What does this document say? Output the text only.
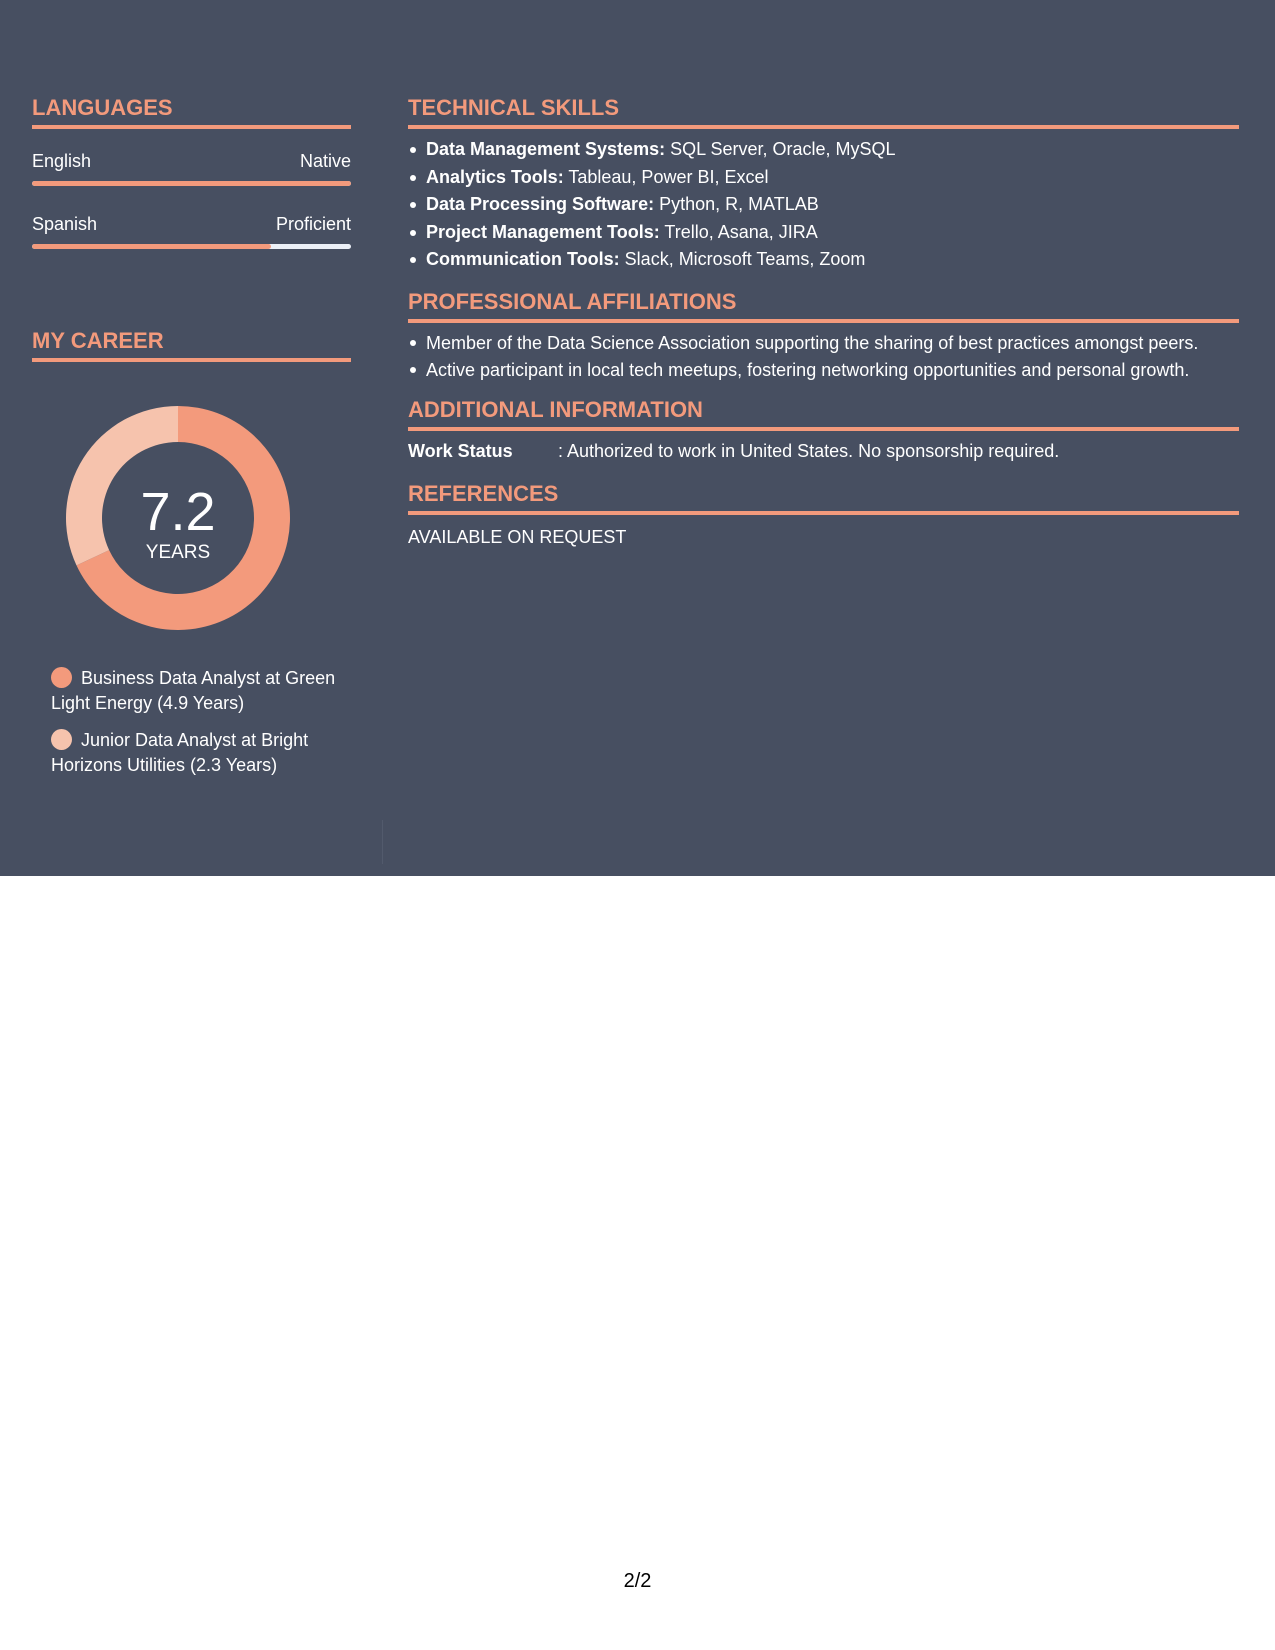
LANGUAGES
English	Native
Spanish	Proficient
MY CAREER
7.2
YEARS
Business Data Analyst at Green Light Energy (4.9 Years)
Junior Data Analyst at Bright Horizons Utilities (2.3 Years)
TECHNICAL SKILLS
Data Management Systems: SQL Server, Oracle, MySQL
Analytics Tools: Tableau, Power BI, Excel
Data Processing Software: Python, R, MATLAB
Project Management Tools: Trello, Asana, JIRA
Communication Tools: Slack, Microsoft Teams, Zoom
PROFESSIONAL AFFILIATIONS
Member of the Data Science Association supporting the sharing of best practices amongst peers.
Active participant in local tech meetups, fostering networking opportunities and personal growth.
ADDITIONAL INFORMATION
Work Status	: Authorized to work in United States. No sponsorship required.
REFERENCES
AVAILABLE ON REQUEST
2/2
